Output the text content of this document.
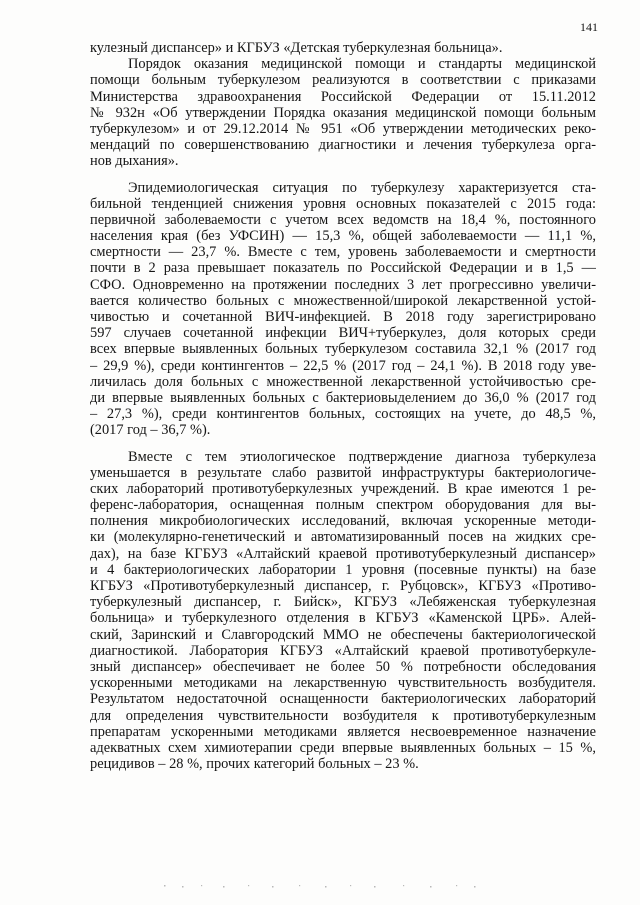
141
кулезный диспансер» и КГБУЗ «Детская туберкулезная больница».
Порядок оказания медицинской помощи и стандарты медицинской
помощи больным туберкулезом реализуются в соответствии с приказами
Министерства здравоохранения Российской Федерации от 15.11.2012
№ 932н «Об утверждении Порядка оказания медицинской помощи больным
туберкулезом» и от 29.12.2014 № 951 «Об утверждении методических реко-
мендаций по совершенствованию диагностики и лечения туберкулеза орга-
нов дыхания».
Эпидемиологическая ситуация по туберкулезу характеризуется ста-
бильной тенденцией снижения уровня основных показателей с 2015 года:
первичной заболеваемости с учетом всех ведомств на 18,4 %, постоянного
населения края (без УФСИН) — 15,3 %, общей заболеваемости — 11,1 %,
смертности — 23,7 %. Вместе с тем, уровень заболеваемости и смертности
почти в 2 раза превышает показатель по Российской Федерации и в 1,5 —
СФО. Одновременно на протяжении последних 3 лет прогрессивно увеличи-
вается количество больных с множественной/широкой лекарственной устой-
чивостью и сочетанной ВИЧ-инфекцией. В 2018 году зарегистрировано
597 случаев сочетанной инфекции ВИЧ+туберкулез, доля которых среди
всех впервые выявленных больных туберкулезом составила 32,1 % (2017 год
– 29,9 %), среди контингентов – 22,5 % (2017 год – 24,1 %). В 2018 году уве-
личилась доля больных с множественной лекарственной устойчивостью сре-
ди впервые выявленных больных с бактериовыделением до 36,0 % (2017 год
– 27,3 %), среди контингентов больных, состоящих на учете, до 48,5 %,
(2017 год – 36,7 %).
Вместе с тем этиологическое подтверждение диагноза туберкулеза
уменьшается в результате слабо развитой инфраструктуры бактериологиче-
ских лабораторий противотуберкулезных учреждений. В крае имеются 1 ре-
ференс-лаборатория, оснащенная полным спектром оборудования для вы-
полнения микробиологических исследований, включая ускоренные методи-
ки (молекулярно-генетический и автоматизированный посев на жидких сре-
дах), на базе КГБУЗ «Алтайский краевой противотуберкулезный диспансер»
и 4 бактериологических лаборатории 1 уровня (посевные пункты) на базе
КГБУЗ «Противотуберкулезный диспансер, г. Рубцовск», КГБУЗ «Противо-
туберкулезный диспансер, г. Бийск», КГБУЗ «Лебяженская туберкулезная
больница» и туберкулезного отделения в КГБУЗ «Каменской ЦРБ». Алей-
ский, Заринский и Славгородский ММО не обеспечены бактериологической
диагностикой. Лаборатория КГБУЗ «Алтайский краевой противотуберкуле-
зный диспансер» обеспечивает не более 50 % потребности обследования
ускоренными методиками на лекарственную чувствительность возбудителя.
Результатом недостаточной оснащенности бактериологических лабораторий
для определения чувствительности возбудителя к противотуберкулезным
препаратам ускоренными методиками является несвоевременное назначение
адекватных схем химиотерапии среди впервые выявленных больных – 15 %,
рецидивов – 28 %, прочих категорий больных – 23 %.
